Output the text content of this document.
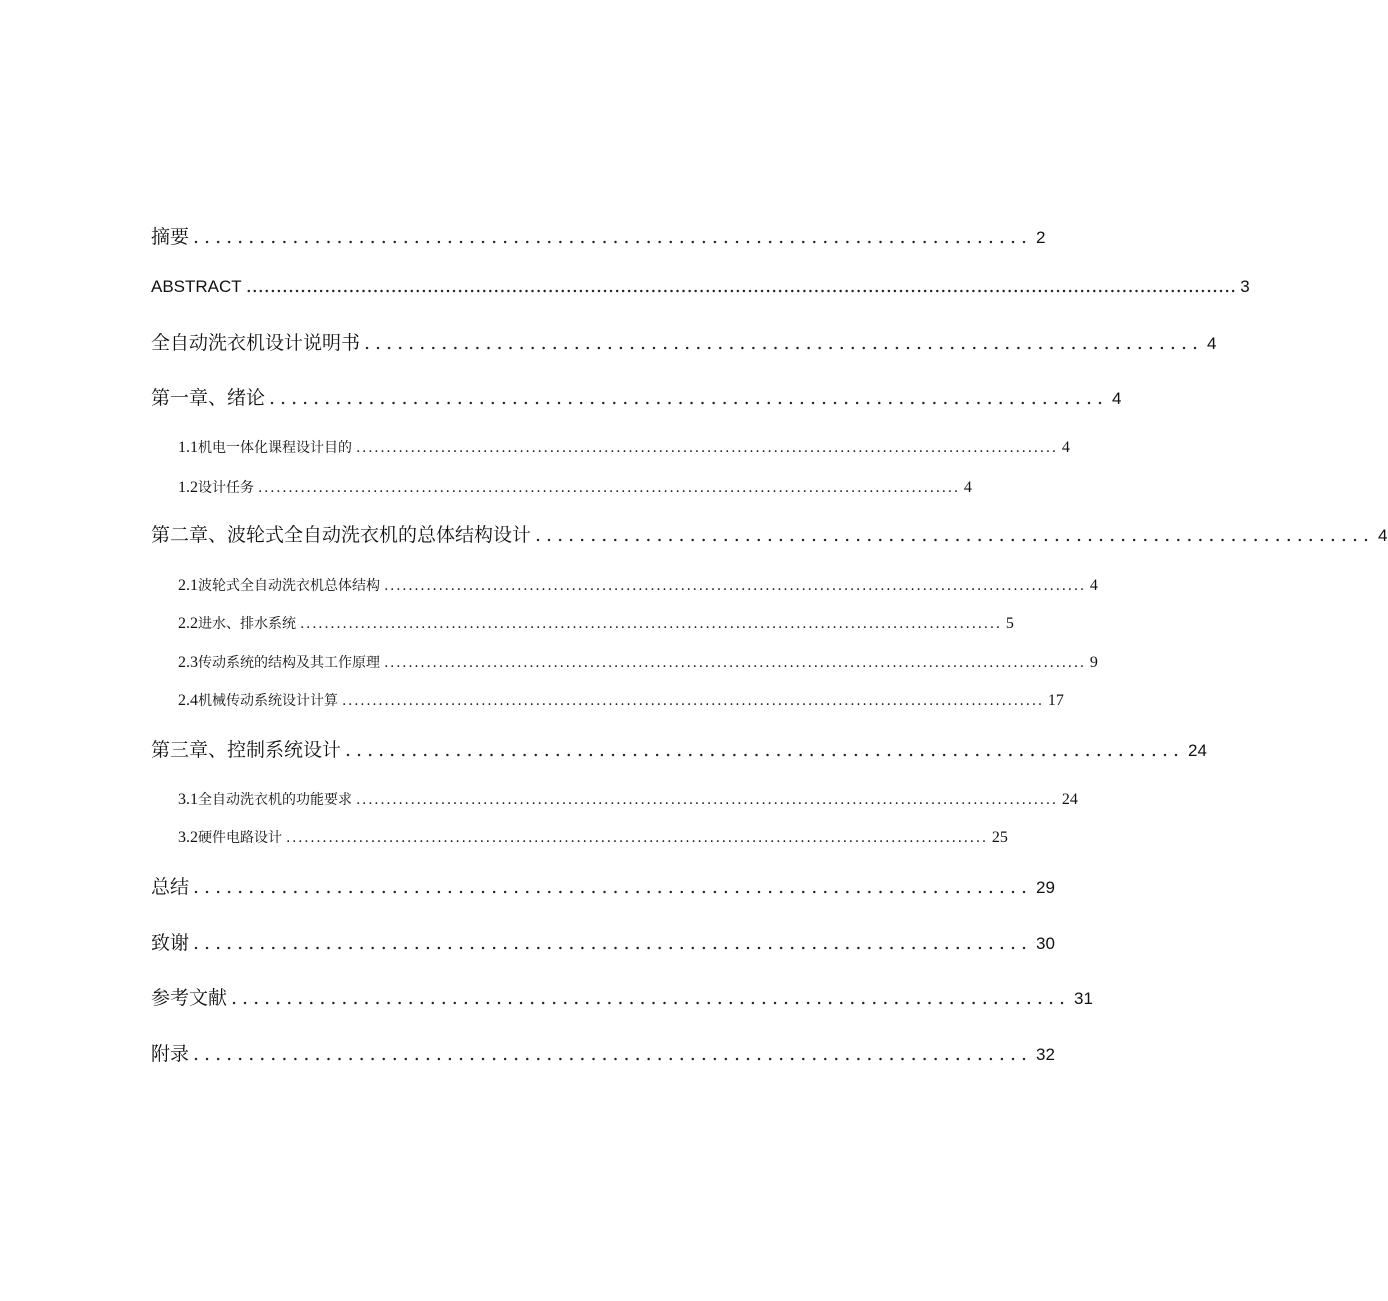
摘要 ............................................................................ 2
ABSTRACT .................................................................................................................................................................... 3
全自动洗衣机设计说明书 ............................................................................ 4
第一章、绪论 ............................................................................ 4
1.1 机电一体化课程设计目的 .................................................................................................................... 4
1.2 设计任务 .................................................................................................................... 4
第二章、波轮式全自动洗衣机的总体结构设计 ............................................................................ 4
2.1 波轮式全自动洗衣机总体结构 .................................................................................................................... 4
2.2 进水、排水系统 .................................................................................................................... 5
2.3 传动系统的结构及其工作原理 .................................................................................................................... 9
2.4 机械传动系统设计计算 .................................................................................................................... 17
第三章、控制系统设计 ............................................................................ 24
3.1 全自动洗衣机的功能要求 .................................................................................................................... 24
3.2 硬件电路设计 .................................................................................................................... 25
总结 ............................................................................ 29
致谢 ............................................................................ 30
参考文献 ............................................................................ 31
附录 ............................................................................ 32
